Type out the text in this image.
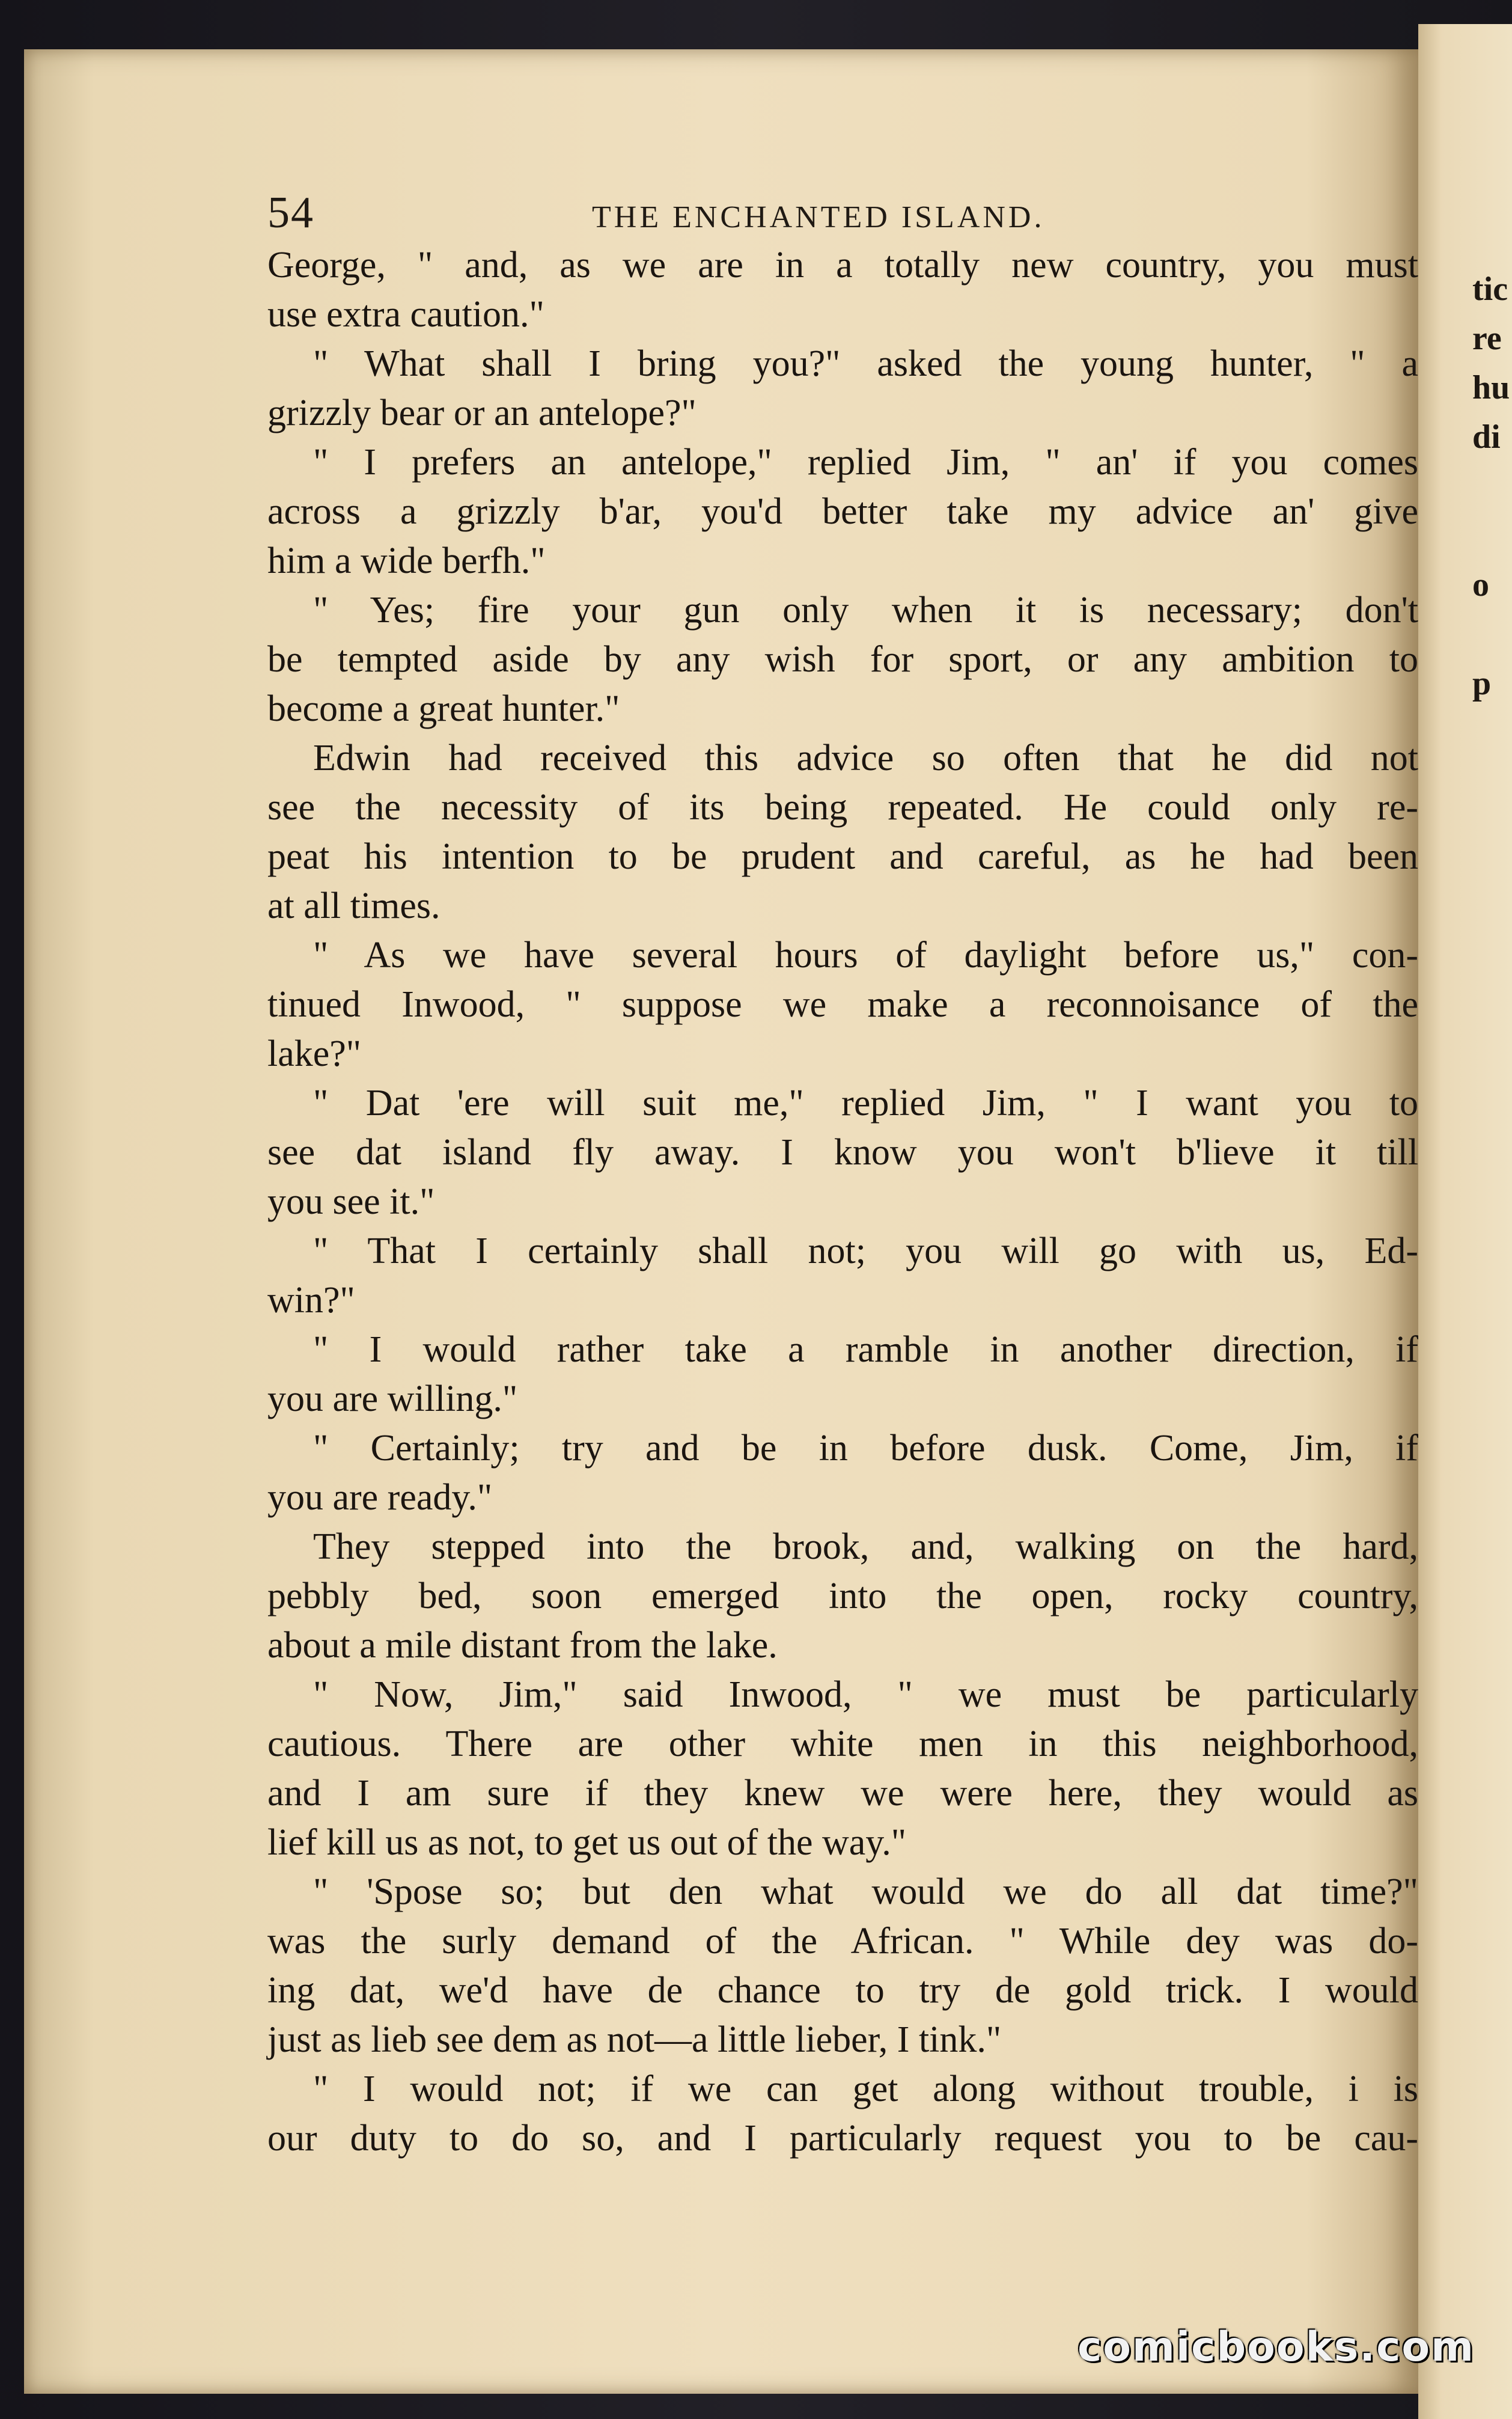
tic
re
hu
di
o
p
54	THE ENCHANTED ISLAND.
George, " and, as we are in a totally new country, you must
use extra caution."
" What shall I bring you?" asked the young hunter, " a
grizzly bear or an antelope?"
" I prefers an antelope," replied Jim, " an' if you comes
across a grizzly b'ar, you'd better take my advice an' give
him a wide berfh."
" Yes; fire your gun only when it is necessary; don't
be tempted aside by any wish for sport, or any ambition to
become a great hunter."
Edwin had received this advice so often that he did not
see the necessity of its being repeated. He could only re-
peat his intention to be prudent and careful, as he had been
at all times.
" As we have several hours of daylight before us," con-
tinued Inwood, " suppose we make a reconnoisance of the
lake?"
" Dat 'ere will suit me," replied Jim, " I want you to
see dat island fly away. I know you won't b'lieve it till
you see it."
" That I certainly shall not; you will go with us, Ed-
win?"
" I would rather take a ramble in another direction, if
you are willing."
" Certainly; try and be in before dusk. Come, Jim, if
you are ready."
They stepped into the brook, and, walking on the hard,
pebbly bed, soon emerged into the open, rocky country,
about a mile distant from the lake.
" Now, Jim," said Inwood, " we must be particularly
cautious. There are other white men in this neighborhood,
and I am sure if they knew we were here, they would as
lief kill us as not, to get us out of the way."
" 'Spose so; but den what would we do all dat time?"
was the surly demand of the African. " While dey was do-
ing dat, we'd have de chance to try de gold trick. I would
just as lieb see dem as not—a little lieber, I tink."
" I would not; if we can get along without trouble, i is
our duty to do so, and I particularly request you to be cau-
comicbooks.com
